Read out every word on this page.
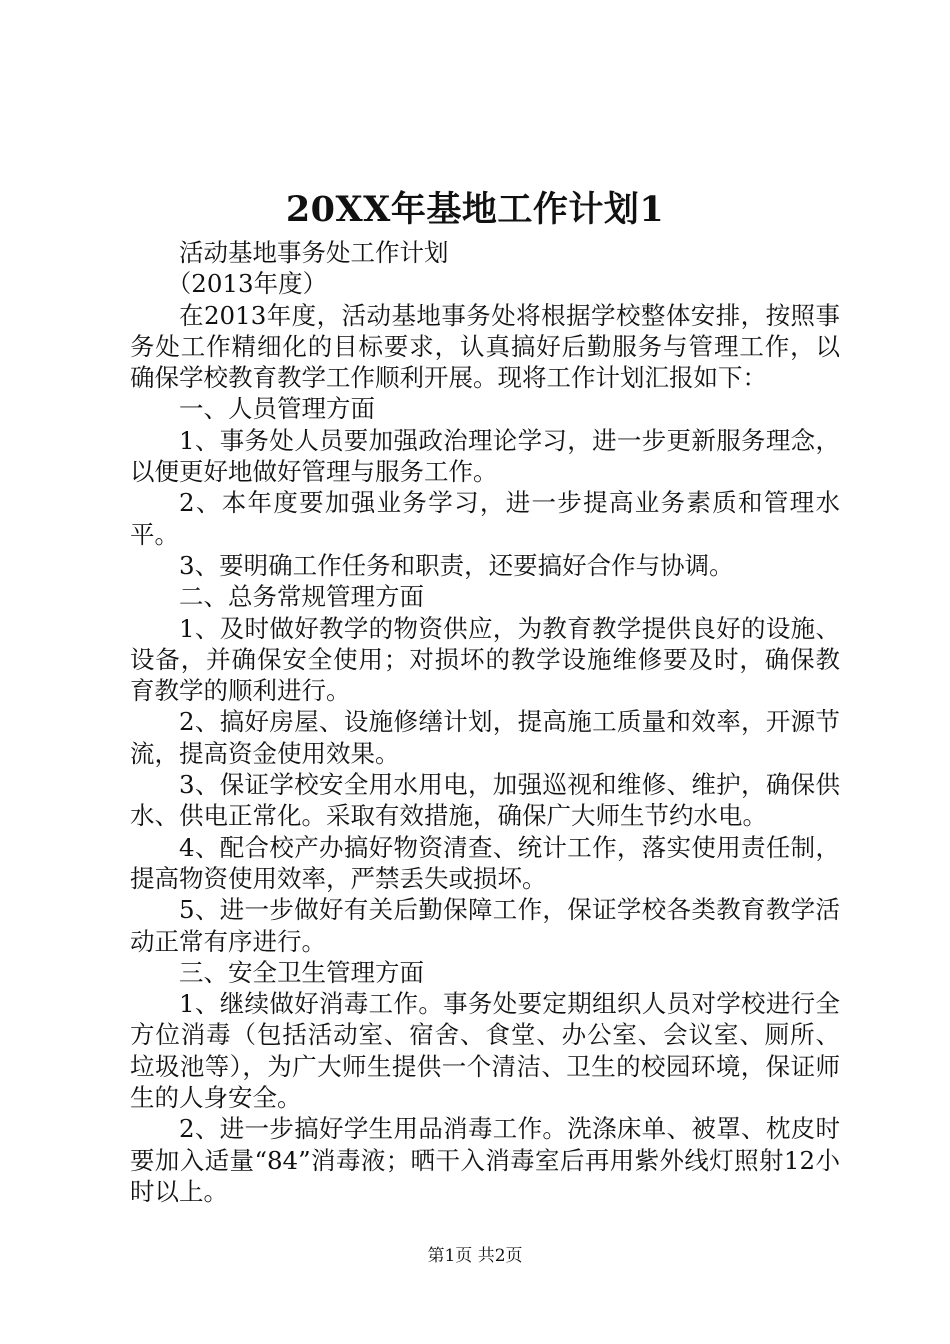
20XX年基地工作计划1

活动基地事务处工作计划

（2013年度）

在2013年度，活动基地事务处将根据学校整体安排，按照事务处工作精细化的目标要求，认真搞好后勤服务与管理工作，以确保学校教育教学工作顺利开展。现将工作计划汇报如下：

一、人员管理方面

1、事务处人员要加强政治理论学习，进一步更新服务理念，以便更好地做好管理与服务工作。

2、本年度要加强业务学习，进一步提高业务素质和管理水平。

3、要明确工作任务和职责，还要搞好合作与协调。

二、总务常规管理方面

1、及时做好教学的物资供应，为教育教学提供良好的设施、设备，并确保安全使用；对损坏的教学设施维修要及时，确保教育教学的顺利进行。

2、搞好房屋、设施修缮计划，提高施工质量和效率，开源节流，提高资金使用效果。

3、保证学校安全用水用电，加强巡视和维修、维护，确保供水、供电正常化。采取有效措施，确保广大师生节约水电。

4、配合校产办搞好物资清查、统计工作，落实使用责任制，提高物资使用效率，严禁丢失或损坏。

5、进一步做好有关后勤保障工作，保证学校各类教育教学活动正常有序进行。

三、安全卫生管理方面

1、继续做好消毒工作。事务处要定期组织人员对学校进行全方位消毒（包括活动室、宿舍、食堂、办公室、会议室、厕所、垃圾池等），为广大师生提供一个清洁、卫生的校园环境，保证师生的人身安全。

2、进一步搞好学生用品消毒工作。洗涤床单、被罩、枕皮时要加入适量“84”消毒液；晒干入消毒室后再用紫外线灯照射12小时以上。

第1页 共2页
